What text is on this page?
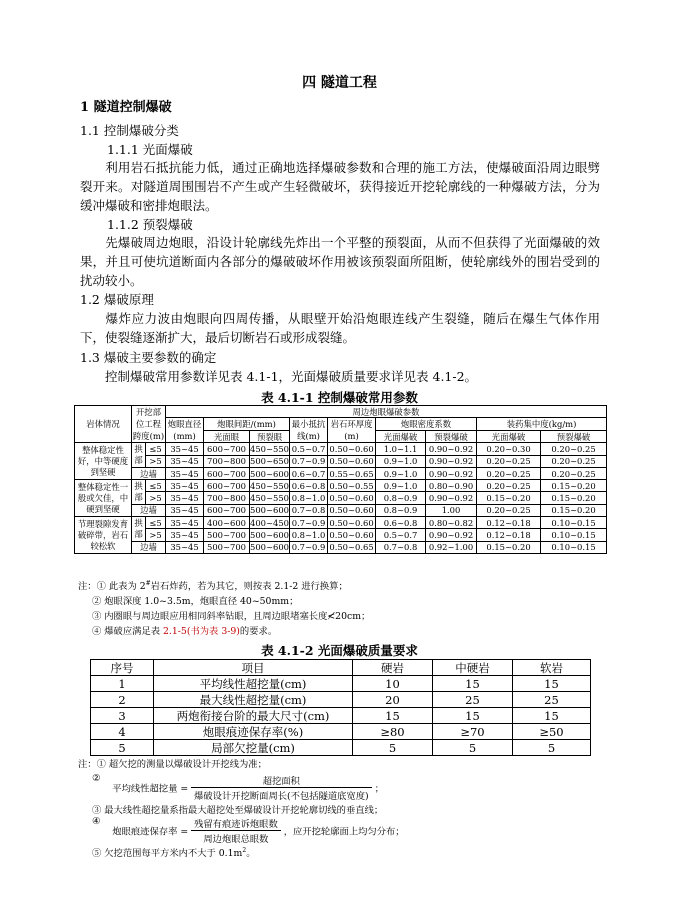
四 隧道工程
1 隧道控制爆破
1.1 控制爆破分类
1.1.1 光面爆破
利用岩石抵抗能力低，通过正确地选择爆破参数和合理的施工方法，使爆破面沿周边眼劈裂开来。对隧道周围围岩不产生或产生轻微破坏，获得接近开挖轮廓线的一种爆破方法，分为缓冲爆破和密排炮眼法。
1.1.2 预裂爆破
先爆破周边炮眼，沿设计轮廓线先炸出一个平整的预裂面，从而不但获得了光面爆破的效果，并且可使坑道断面内各部分的爆破破坏作用被该预裂面所阻断，使轮廓线外的围岩受到的扰动较小。
1.2 爆破原理
爆炸应力波由炮眼向四周传播，从眼壁开始沿炮眼连线产生裂缝，随后在爆生气体作用下，使裂缝逐渐扩大，最后切断岩石或形成裂缝。
1.3 爆破主要参数的确定
控制爆破常用参数详见表 4.1-1，光面爆破质量要求详见表 4.1-2。
表 4.1-1 控制爆破常用参数
岩体情况	开挖部位工程跨度(m)		周边炮眼爆破参数								
			炮眼直径(mm)	炮眼间距/(mm)		最小抵抗线(m)	岩石环厚度(m)	炮眼密度系数		装药集中度(kg/m)	
				光面眼	预裂眼			光面爆破	预裂爆破	光面爆破	预裂爆破
整体稳定性好，中等硬度到坚硬	拱部	≤5	35~45	600~700	450~550	0.5~0.7	0.50~0.60	1.0~1.1	0.90~0.92	0.20~0.30	0.20~0.25
		>5	35~45	700~800	500~650	0.7~0.9	0.50~0.60	0.9~1.0	0.90~0.92	0.20~0.25	0.20~0.25
	边墙		35~45	600~700	500~600	0.6~0.7	0.55~0.65	0.9~1.0	0.90~0.92	0.20~0.25	0.20~0.25
整体稳定性一般或欠佳，中硬到坚硬	拱部	≤5	35~45	600~700	450~550	0.6~0.8	0.50~0.55	0.9~1.0	0.80~0.90	0.20~0.25	0.15~0.20
		>5	35~45	700~800	450~550	0.8~1.0	0.50~0.60	0.8~0.9	0.90~0.92	0.15~0.20	0.15~0.20
	边墙		35~45	600~700	500~600	0.7~0.8	0.50~0.60	0.8~0.9	1.00	0.20~0.25	0.15~0.20
节理裂隙发育破碎带，岩石较松软	拱部	≤5	35~45	400~600	400~450	0.7~0.9	0.50~0.60	0.6~0.8	0.80~0.82	0.12~0.18	0.10~0.15
		>5	35~45	500~700	500~600	0.8~1.0	0.50~0.60	0.5~0.7	0.90~0.92	0.12~0.18	0.10~0.15
	边墙		35~45	500~700	500~600	0.7~0.9	0.50~0.65	0.7~0.8	0.92~1.00	0.15~0.20	0.10~0.15
注：① 此表为 2#岩石炸药，若为其它，则按表 2.1-2 进行换算；
② 炮眼深度 1.0~3.5m，炮眼直径 40~50mm；
③ 内圈眼与周边眼应用相同斜率钻眼，且周边眼堵塞长度≮20cm；
④ 爆破应满足表 2.1-5(书为表 3-9)的要求。
表 4.1-2 光面爆破质量要求
序号	项目	硬岩	中硬岩	软岩
1	平均线性超挖量(cm)	10	15	15
2	最大线性超挖量(cm)	20	25	25
3	两炮衔接台阶的最大尺寸(cm)	15	15	15
4	炮眼痕迹保存率(%)	≥80	≥70	≥50
5	局部欠挖量(cm)	5	5	5
注：① 超欠挖的测量以爆破设计开挖线为准；
②  平均线性超挖量 = $\frac{\text{超挖面积}}{\text{爆破设计开挖断面周长(不包括隧道底宽度)}}$ ；
③ 最大线性超挖量系指最大超挖处至爆破设计开挖轮廓切线的垂直线；
④  炮眼痕迹保存率 = $\frac{\text{残留有痕迹诉炮眼数}}{\text{周边炮眼总眼数}}$ ，应开挖轮廓面上均匀分布；
⑤ 欠挖范围每平方米内不大于 $0.1m^2$。
